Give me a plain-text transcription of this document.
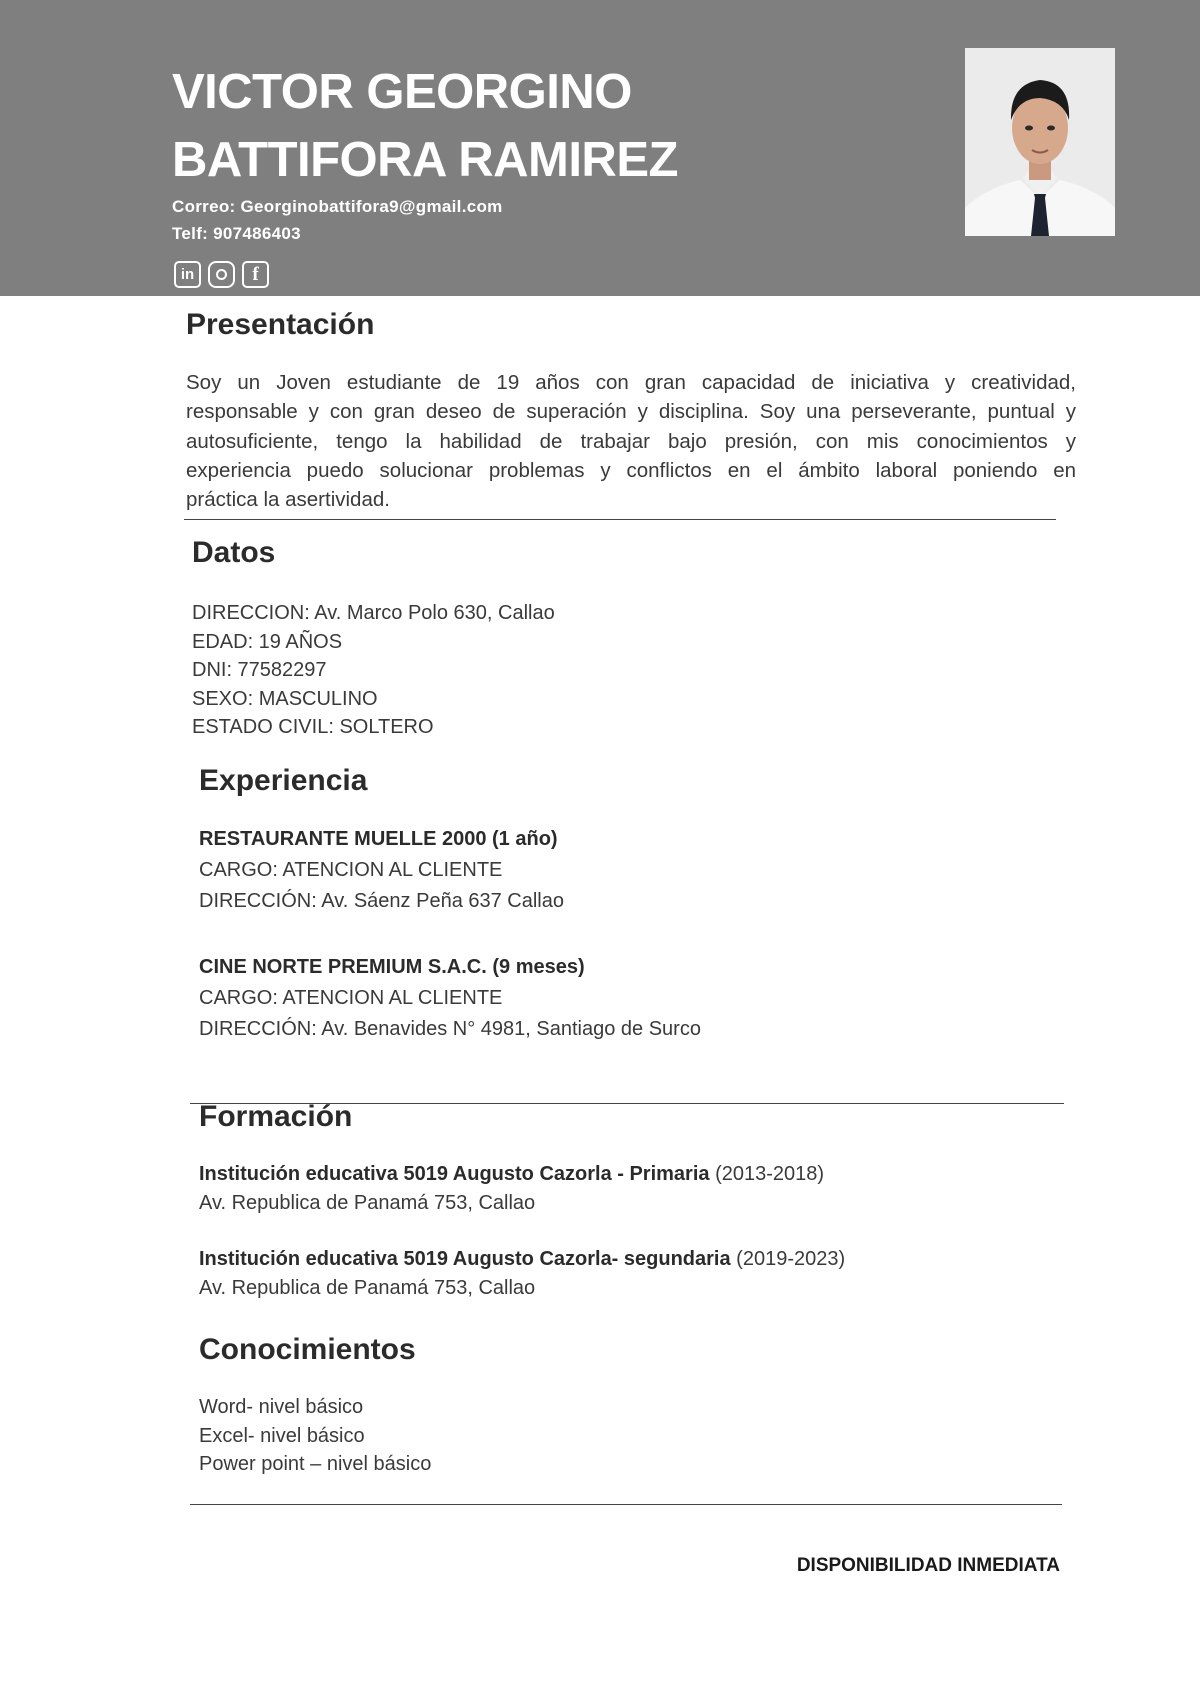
VICTOR GEORGINO
BATTIFORA RAMIREZ
Correo: Georginobattifora9@gmail.com
Telf: 907486403
in	f
Presentación
Soy un Joven estudiante de 19 años con gran capacidad de iniciativa y creatividad,
responsable y con gran deseo de superación y disciplina. Soy una perseverante, puntual y
autosuficiente, tengo la habilidad de trabajar bajo presión, con mis conocimientos y
experiencia puedo solucionar problemas y conflictos en el ámbito laboral poniendo en
práctica la asertividad.
Datos
DIRECCION: Av. Marco Polo 630, Callao
EDAD: 19 AÑOS
DNI: 77582297
SEXO: MASCULINO
ESTADO CIVIL: SOLTERO
Experiencia
RESTAURANTE MUELLE 2000 (1 año)
CARGO: ATENCION AL CLIENTE
DIRECCIÓN: Av. Sáenz Peña 637 Callao
CINE NORTE PREMIUM S.A.C. (9 meses)
CARGO: ATENCION AL CLIENTE
DIRECCIÓN: Av. Benavides N° 4981, Santiago de Surco
Formación
Institución educativa 5019 Augusto Cazorla - Primaria (2013-2018)
Av. Republica de Panamá 753, Callao
Institución educativa 5019 Augusto Cazorla- segundaria (2019-2023)
Av. Republica de Panamá 753, Callao
Conocimientos
Word- nivel básico
Excel- nivel básico
Power point – nivel básico
DISPONIBILIDAD INMEDIATA
